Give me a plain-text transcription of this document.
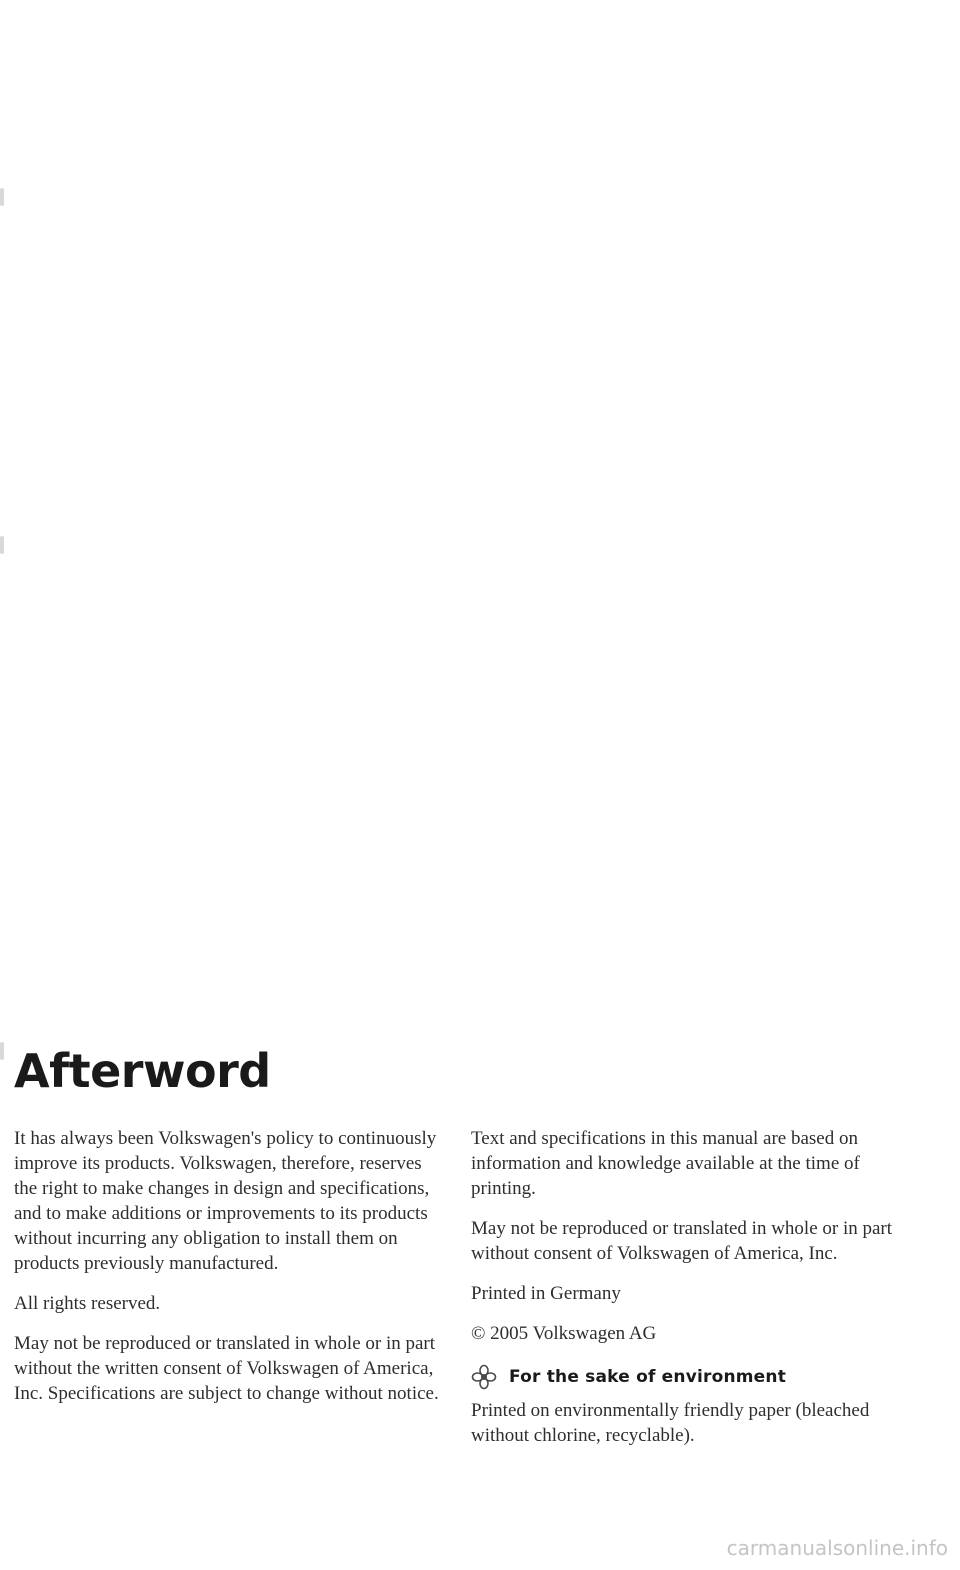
Afterword

It has always been Volkswagen's policy to continuously improve its products. Volkswagen, therefore, reserves the right to make changes in design and specifications, and to make additions or improvements to its products without incurring any obligation to install them on products previously manufactured.

All rights reserved.

May not be reproduced or translated in whole or in part without the written consent of Volkswagen of America, Inc. Specifications are subject to change without notice.

Text and specifications in this manual are based on information and knowledge available at the time of printing.

May not be reproduced or translated in whole or in part without consent of Volkswagen of America, Inc.

Printed in Germany

© 2005 Volkswagen AG

For the sake of environment

Printed on environmentally friendly paper (bleached without chlorine, recyclable).

carmanualsonline.info
